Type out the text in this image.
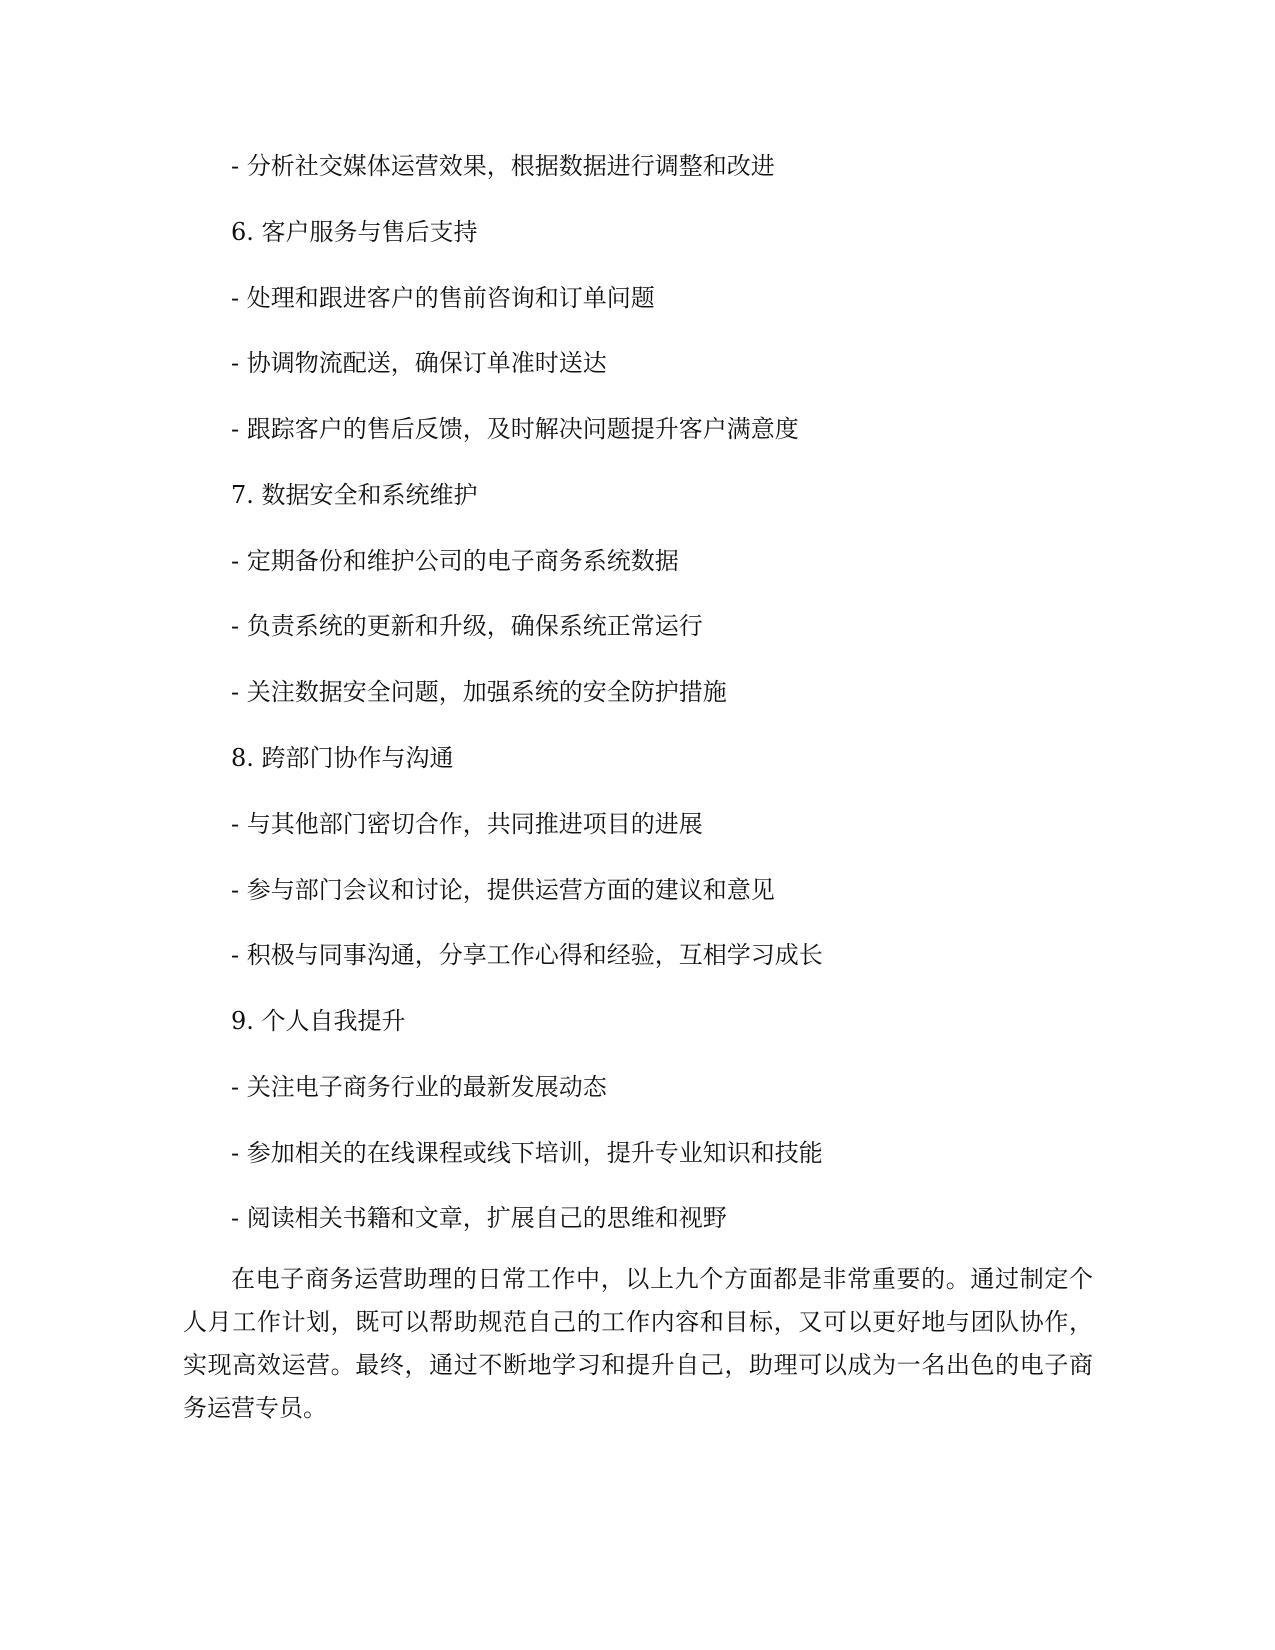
- 分析社交媒体运营效果，根据数据进行调整和改进
6. 客户服务与售后支持
- 处理和跟进客户的售前咨询和订单问题
- 协调物流配送，确保订单准时送达
- 跟踪客户的售后反馈，及时解决问题提升客户满意度
7. 数据安全和系统维护
- 定期备份和维护公司的电子商务系统数据
- 负责系统的更新和升级，确保系统正常运行
- 关注数据安全问题，加强系统的安全防护措施
8. 跨部门协作与沟通
- 与其他部门密切合作，共同推进项目的进展
- 参与部门会议和讨论，提供运营方面的建议和意见
- 积极与同事沟通，分享工作心得和经验，互相学习成长
9. 个人自我提升
- 关注电子商务行业的最新发展动态
- 参加相关的在线课程或线下培训，提升专业知识和技能
- 阅读相关书籍和文章，扩展自己的思维和视野
在电子商务运营助理的日常工作中，以上九个方面都是非常重要的。通过制定个人月工作计划，既可以帮助规范自己的工作内容和目标，又可以更好地与团队协作，实现高效运营。最终，通过不断地学习和提升自己，助理可以成为一名出色的电子商务运营专员。
